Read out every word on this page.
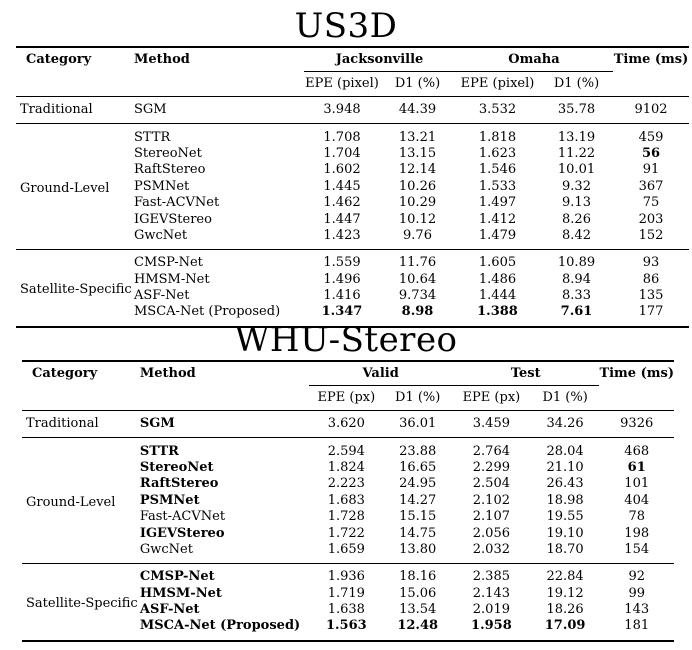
US3D
Category	Method	Jacksonville		Omaha		Time (ms)
		EPE (pixel)	D1 (%)	EPE (pixel)	D1 (%)	
Traditional	SGM	3.948	44.39	3.532	35.78	9102
Ground-Level	STTR	1.708	13.21	1.818	13.19	459
	StereoNet	1.704	13.15	1.623	11.22	56
	RaftStereo	1.602	12.14	1.546	10.01	91
	PSMNet	1.445	10.26	1.533	9.32	367
	Fast-ACVNet	1.462	10.29	1.497	9.13	75
	IGEVStereo	1.447	10.12	1.412	8.26	203
	GwcNet	1.423	9.76	1.479	8.42	152
Satellite-Specific	CMSP-Net	1.559	11.76	1.605	10.89	93
	HMSM-Net	1.496	10.64	1.486	8.94	86
	ASF-Net	1.416	9.734	1.444	8.33	135
	MSCA-Net (Proposed)	1.347	8.98	1.388	7.61	177
WHU-Stereo
Category	Method	Valid		Test		Time (ms)
		EPE (px)	D1 (%)	EPE (px)	D1 (%)	
Traditional	SGM	3.620	36.01	3.459	34.26	9326
Ground-Level	STTR	2.594	23.88	2.764	28.04	468
	StereoNet	1.824	16.65	2.299	21.10	61
	RaftStereo	2.223	24.95	2.504	26.43	101
	PSMNet	1.683	14.27	2.102	18.98	404
	Fast-ACVNet	1.728	15.15	2.107	19.55	78
	IGEVStereo	1.722	14.75	2.056	19.10	198
	GwcNet	1.659	13.80	2.032	18.70	154
Satellite-Specific	CMSP-Net	1.936	18.16	2.385	22.84	92
	HMSM-Net	1.719	15.06	2.143	19.12	99
	ASF-Net	1.638	13.54	2.019	18.26	143
	MSCA-Net (Proposed)	1.563	12.48	1.958	17.09	181
